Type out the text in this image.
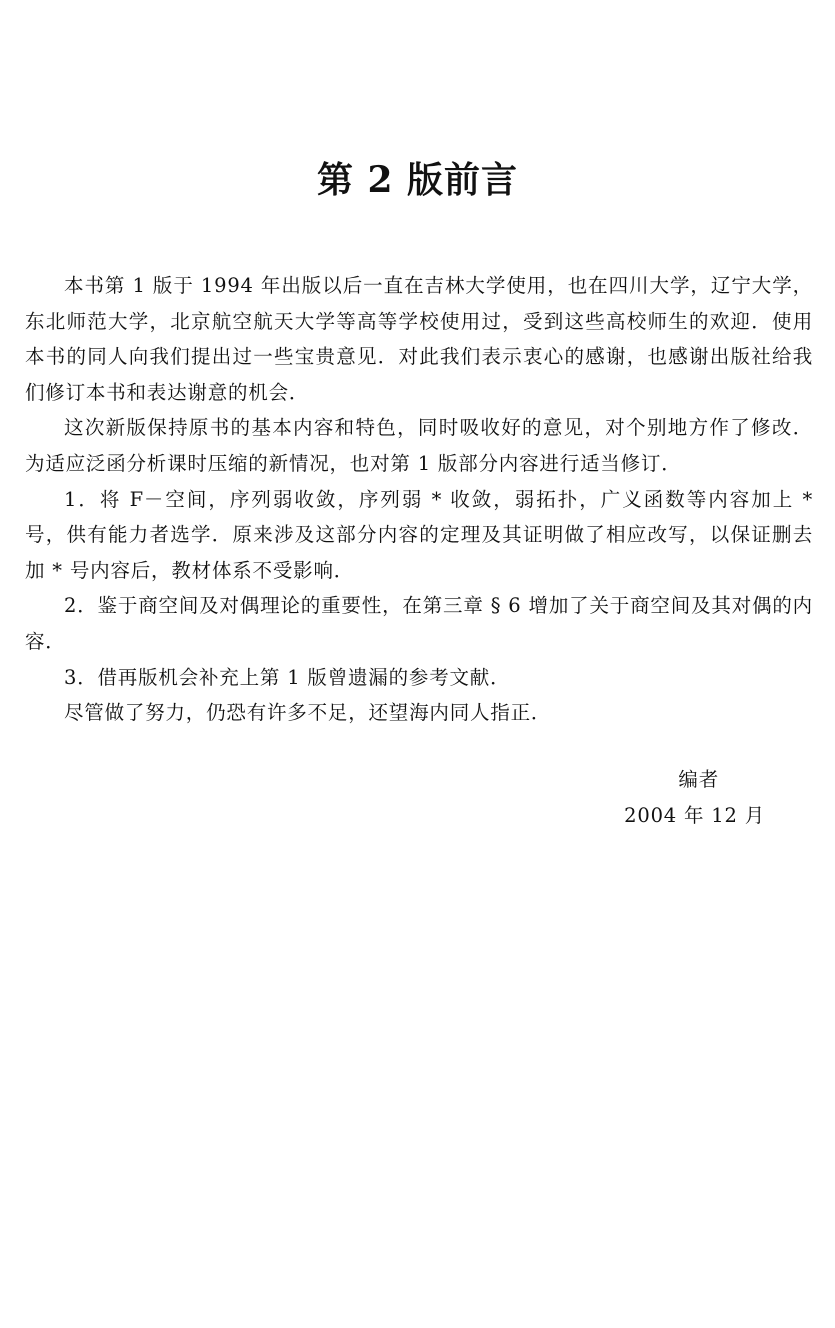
第 2 版前言

本书第 1 版于 1994 年出版以后一直在吉林大学使用，也在四川大学，辽宁大学，东北师范大学，北京航空航天大学等高等学校使用过，受到这些高校师生的欢迎．使用本书的同人向我们提出过一些宝贵意见．对此我们表示衷心的感谢，也感谢出版社给我们修订本书和表达谢意的机会．

这次新版保持原书的基本内容和特色，同时吸收好的意见，对个别地方作了修改．为适应泛函分析课时压缩的新情况，也对第 1 版部分内容进行适当修订．

1．将 F－空间，序列弱收敛，序列弱 * 收敛，弱拓扑，广义函数等内容加上 * 号，供有能力者选学．原来涉及这部分内容的定理及其证明做了相应改写，以保证删去加 * 号内容后，教材体系不受影响．

2．鉴于商空间及对偶理论的重要性，在第三章 § 6 增加了关于商空间及其对偶的内容．

3．借再版机会补充上第 1 版曾遗漏的参考文献．

尽管做了努力，仍恐有许多不足，还望海内同人指正．

编者

2004 年 12 月
